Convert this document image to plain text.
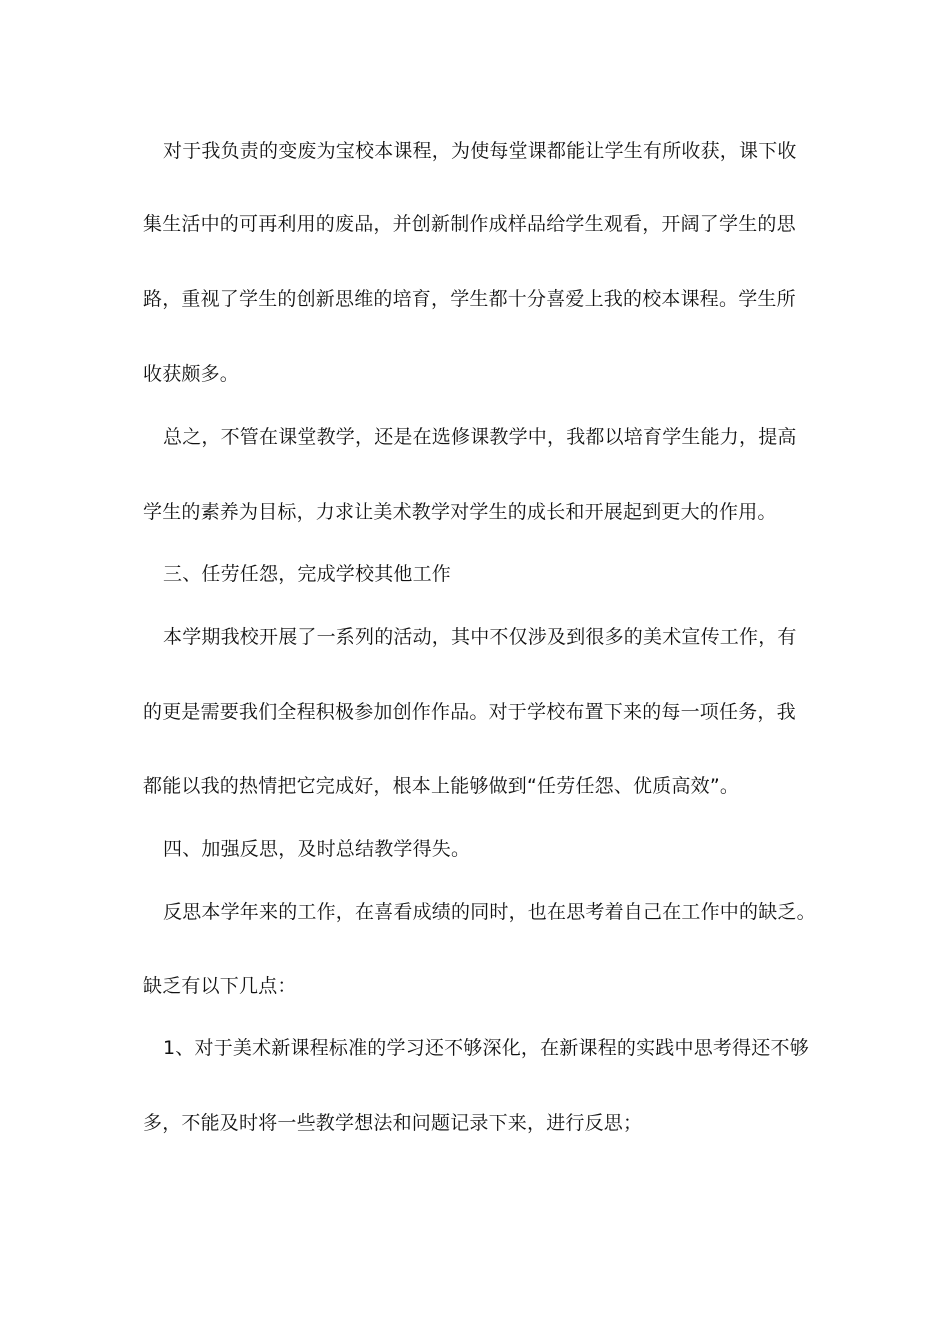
对于我负责的变废为宝校本课程，为使每堂课都能让学生有所收获，课下收
集生活中的可再利用的废品，并创新制作成样品给学生观看，开阔了学生的思
路，重视了学生的创新思维的培育，学生都十分喜爱上我的校本课程。学生所
收获颇多。
总之，不管在课堂教学，还是在选修课教学中，我都以培育学生能力，提高
学生的素养为目标，力求让美术教学对学生的成长和开展起到更大的作用。
三、任劳任怨，完成学校其他工作
本学期我校开展了一系列的活动，其中不仅涉及到很多的美术宣传工作，有
的更是需要我们全程积极参加创作作品。对于学校布置下来的每一项任务，我
都能以我的热情把它完成好，根本上能够做到“任劳任怨、优质高效”。
四、加强反思，及时总结教学得失。
反思本学年来的工作，在喜看成绩的同时，也在思考着自己在工作中的缺乏。
缺乏有以下几点：
1、对于美术新课程标准的学习还不够深化，在新课程的实践中思考得还不够
多，不能及时将一些教学想法和问题记录下来，进行反思；
